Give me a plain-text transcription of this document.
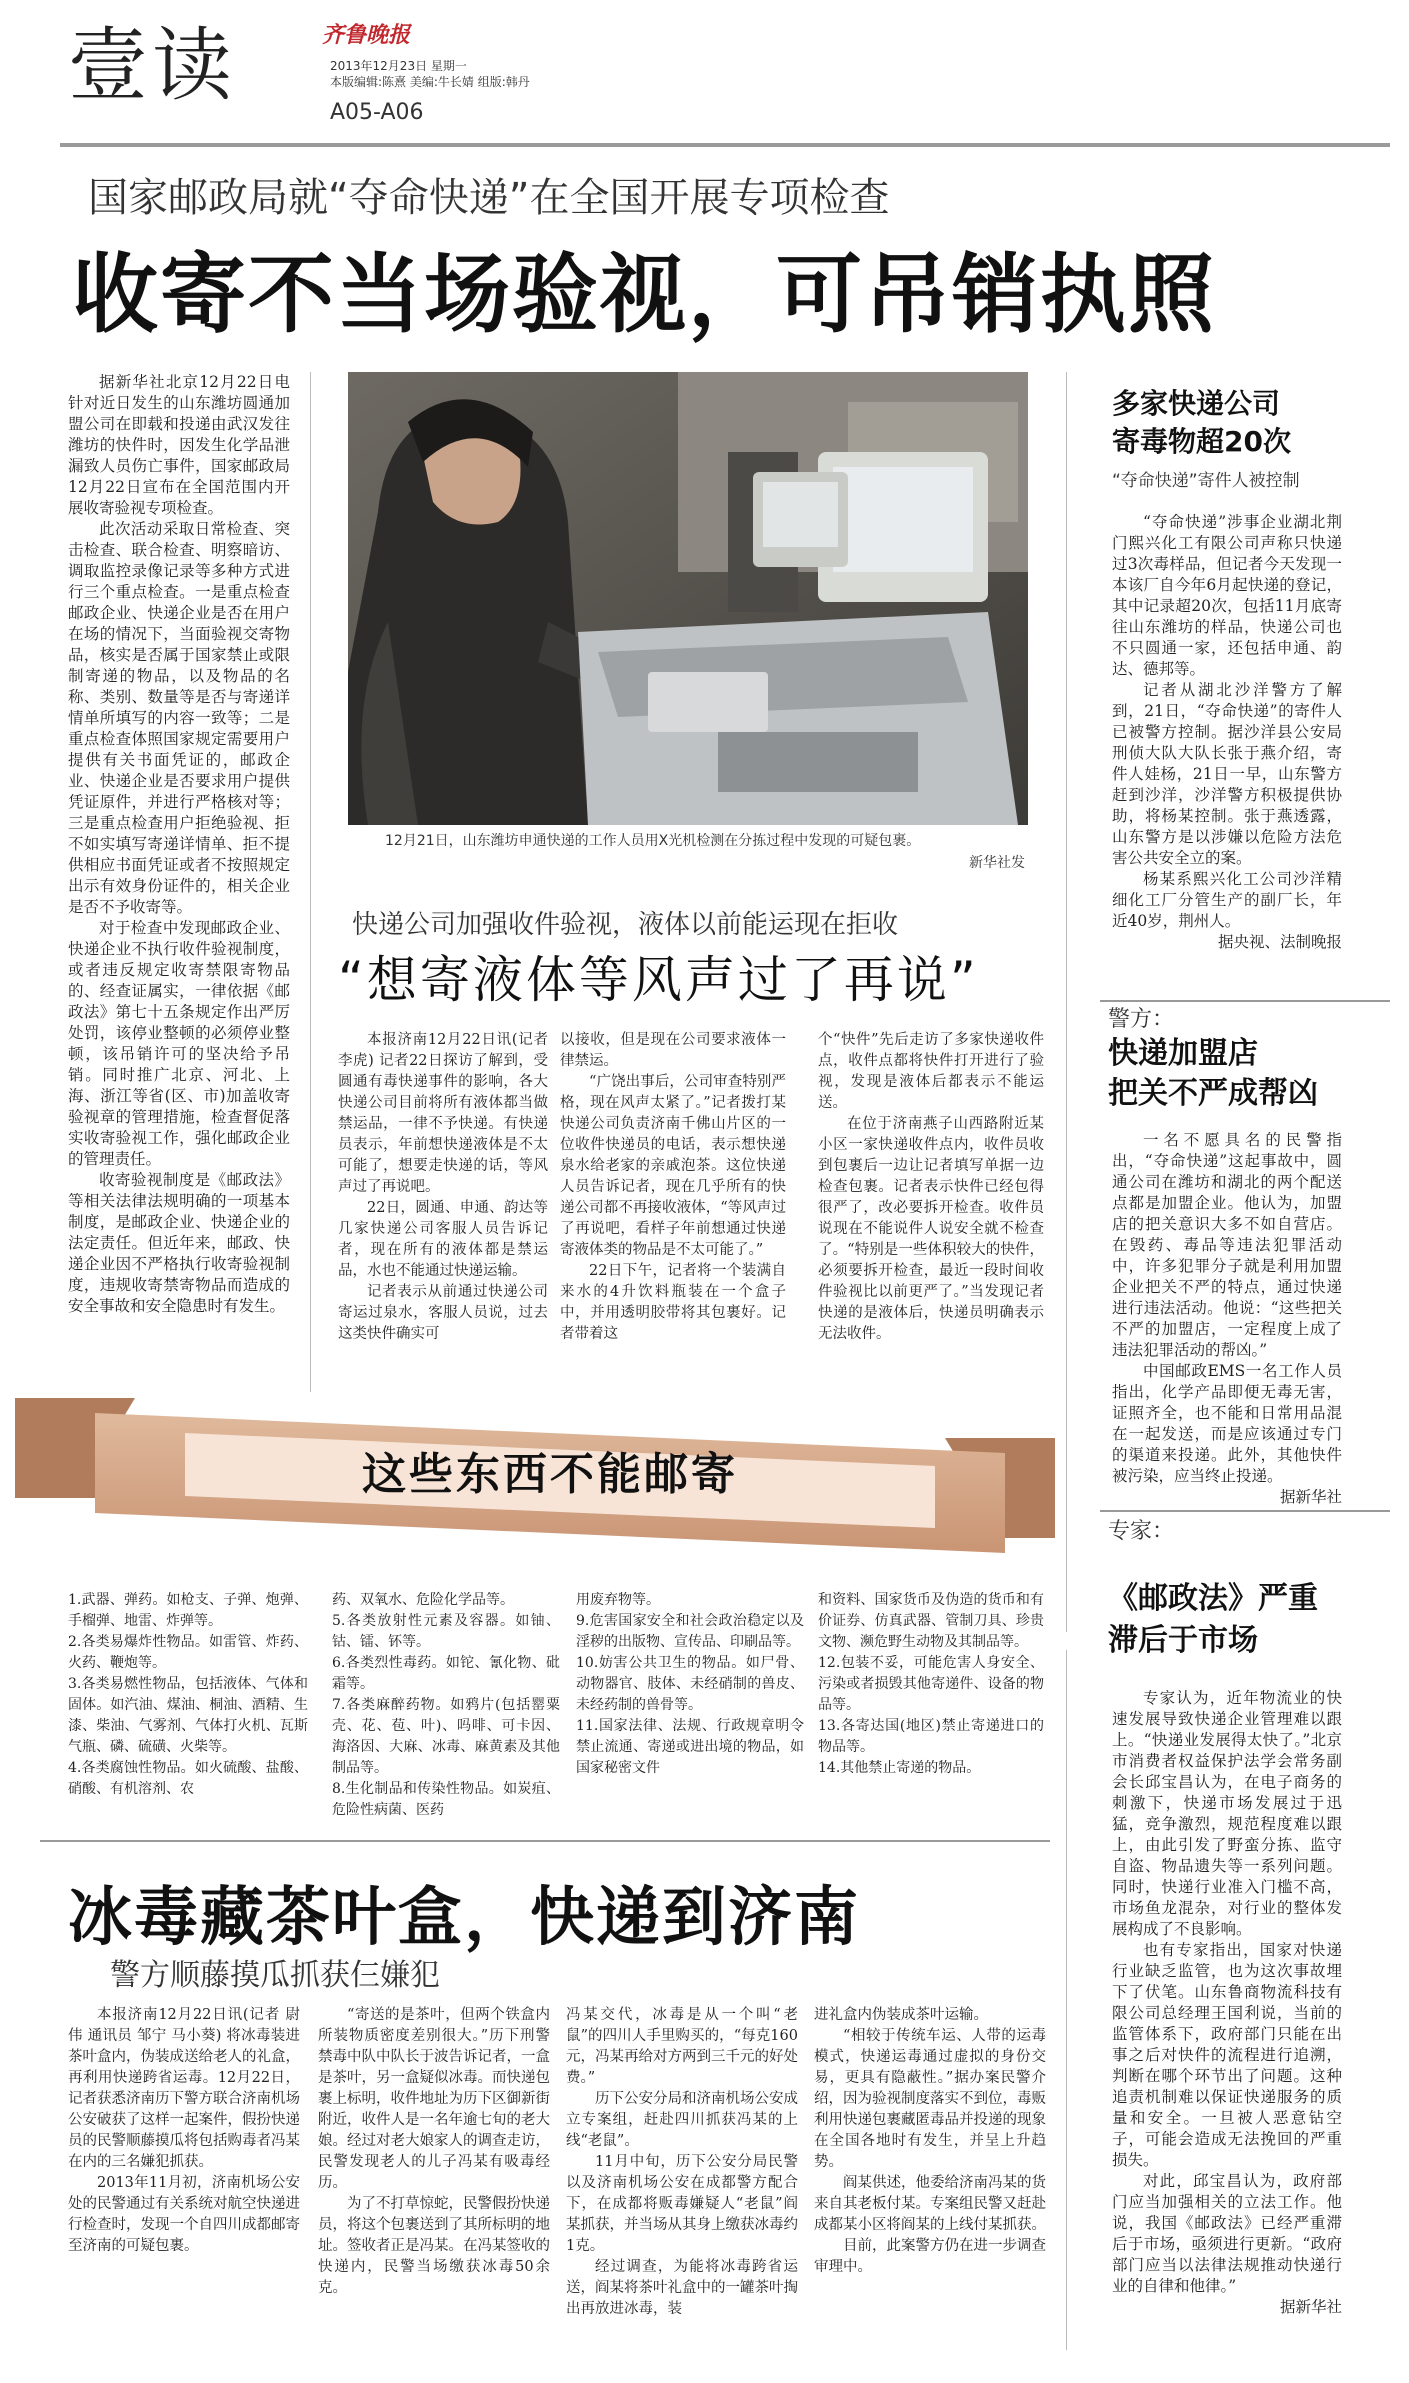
壹读	齐鲁晚报
2013年12月23日 星期一
本版编辑:陈熹 美编:牛长婧 组版:韩丹
A05-A06
国家邮政局就“夺命快递”在全国开展专项检查
收寄不当场验视，可吊销执照

据新华社北京12月22日电 针对近日发生的山东潍坊圆通加盟公司在即载和投递由武汉发往潍坊的快件时，因发生化学品泄漏致人员伤亡事件，国家邮政局12月22日宣布在全国范围内开展收寄验视专项检查。

此次活动采取日常检查、突击检查、联合检查、明察暗访、调取监控录像记录等多种方式进行三个重点检查。一是重点检查邮政企业、快递企业是否在用户在场的情况下，当面验视交寄物品，核实是否属于国家禁止或限制寄递的物品，以及物品的名称、类别、数量等是否与寄递详情单所填写的内容一致等；二是重点检查体照国家规定需要用户提供有关书面凭证的，邮政企业、快递企业是否要求用户提供凭证原件，并进行严格核对等；三是重点检查用户拒绝验视、拒不如实填写寄递详情单、拒不提供相应书面凭证或者不按照规定出示有效身份证件的，相关企业是否不予收寄等。

对于检查中发现邮政企业、快递企业不执行收件验视制度，或者违反规定收寄禁限寄物品的、经查证属实，一律依据《邮政法》第七十五条规定作出严厉处罚，该停业整顿的必须停业整顿，该吊销许可的坚决给予吊销。同时推广北京、河北、上海、浙江等省(区、市)加盖收寄验视章的管理措施，检查督促落实收寄验视工作，强化邮政企业的管理责任。

收寄验视制度是《邮政法》等相关法律法规明确的一项基本制度，是邮政企业、快递企业的法定责任。但近年来，邮政、快递企业因不严格执行收寄验视制度，违规收寄禁寄物品而造成的安全事故和安全隐患时有发生。

12月21日，山东潍坊申通快递的工作人员用X光机检测在分拣过程中发现的可疑包裹。
新华社发
多家快递公司
寄毒物超20次
“夺命快递”寄件人被控制

“夺命快递”涉事企业湖北荆门熙兴化工有限公司声称只快递过3次毒样品，但记者今天发现一本该厂自今年6月起快递的登记，其中记录超20次，包括11月底寄往山东潍坊的样品，快递公司也不只圆通一家，还包括申通、韵达、德邦等。

记者从湖北沙洋警方了解到，21日，“夺命快递”的寄件人已被警方控制。据沙洋县公安局刑侦大队大队长张于燕介绍，寄件人娃杨，21日一早，山东警方赶到沙洋，沙洋警方积极提供协助，将杨某控制。张于燕透露，山东警方是以涉嫌以危险方法危害公共安全立的案。

杨某系熙兴化工公司沙洋精细化工厂分管生产的副厂长，年近40岁，荆州人。

据央视、法制晚报
快递公司加强收件验视，液体以前能运现在拒收
“想寄液体等风声过了再说”

本报济南12月22日讯(记者 李虎) 记者22日探访了解到，受圆通有毒快递事件的影响，各大快递公司目前将所有液体都当做禁运品，一律不予快递。有快递员表示，年前想快递液体是不太可能了，想要走快递的话，等风声过了再说吧。

22日，圆通、申通、韵达等几家快递公司客服人员告诉记者，现在所有的液体都是禁运品，水也不能通过快递运输。

记者表示从前通过快递公司寄运过泉水，客服人员说，过去这类快件确实可

以接收，但是现在公司要求液体一律禁运。

“广饶出事后，公司审查特别严格，现在风声太紧了。”记者拨打某快递公司负责济南千佛山片区的一位收件快递员的电话，表示想快递泉水给老家的亲戚泡茶。这位快递人员告诉记者，现在几乎所有的快递公司都不再接收液体，“等风声过了再说吧，看样子年前想通过快递寄液体类的物品是不太可能了。”

22日下午，记者将一个装满自来水的4升饮料瓶装在一个盒子中，并用透明胶带将其包裹好。记者带着这

个“快件”先后走访了多家快递收件点，收件点都将快件打开进行了验视，发现是液体后都表示不能运送。

在位于济南燕子山西路附近某小区一家快递收件点内，收件员收到包裹后一边让记者填写单据一边检查包裹。记者表示快件已经包得很严了，改必要拆开检查。收件员说现在不能说件人说安全就不检查了。“特别是一些体积较大的快件，必须要拆开检查，最近一段时间收件验视比以前更严了。”当发现记者快递的是液体后，快递员明确表示无法收件。

警方：
快递加盟店
把关不严成帮凶

一名不愿具名的民警指出，“夺命快递”这起事故中，圆通公司在潍坊和湖北的两个配送点都是加盟企业。他认为，加盟店的把关意识大多不如自营店。在毁药、毒品等违法犯罪活动中，许多犯罪分子就是利用加盟企业把关不严的特点，通过快递进行违法活动。他说：“这些把关不严的加盟店，一定程度上成了违法犯罪活动的帮凶。”

中国邮政EMS一名工作人员指出，化学产品即便无毒无害，证照齐全，也不能和日常用品混在一起发送，而是应该通过专门的渠道来投递。此外，其他快件被污染，应当终止投递。

据新华社
这些东西不能邮寄

1.武器、弹药。如枪支、子弹、炮弹、手榴弹、地雷、炸弹等。

2.各类易爆炸性物品。如雷管、炸药、火药、鞭炮等。

3.各类易燃性物品，包括液体、气体和固体。如汽油、煤油、桐油、酒精、生漆、柴油、气雾剂、气体打火机、瓦斯气瓶、磷、硫磺、火柴等。

4.各类腐蚀性物品。如火硫酸、盐酸、硝酸、有机溶剂、农

药、双氧水、危险化学品等。

5.各类放射性元素及容器。如铀、钴、镭、钚等。

6.各类烈性毒药。如铊、氰化物、砒霜等。

7.各类麻醉药物。如鸦片(包括罂粟壳、花、苞、叶)、吗啡、可卡因、海洛因、大麻、冰毒、麻黄素及其他制品等。

8.生化制品和传染性物品。如炭疽、危险性病菌、医药

用废弃物等。

9.危害国家安全和社会政治稳定以及淫秽的出版物、宣传品、印刷品等。

10.妨害公共卫生的物品。如尸骨、动物器官、肢体、未经硝制的兽皮、未经药制的兽骨等。

11.国家法律、法规、行政规章明令禁止流通、寄递或进出境的物品，如国家秘密文件

和资料、国家货币及伪造的货币和有价证券、仿真武器、管制刀具、珍贵文物、濒危野生动物及其制品等。

12.包装不妥，可能危害人身安全、污染或者损毁其他寄递件、设备的物品等。

13.各寄达国(地区)禁止寄递进口的物品等。

14.其他禁止寄递的物品。

专家：
《邮政法》严重
滞后于市场

专家认为，近年物流业的快速发展导致快递企业管理难以跟上。“快递业发展得太快了。”北京市消费者权益保护法学会常务副会长邱宝昌认为，在电子商务的刺激下，快递市场发展过于迅猛，竞争激烈，规范程度难以跟上，由此引发了野蛮分拣、监守自盗、物品遗失等一系列问题。同时，快递行业准入门槛不高，市场鱼龙混杂，对行业的整体发展构成了不良影响。

也有专家指出，国家对快递行业缺乏监管，也为这次事故埋下了伏笔。山东鲁商物流科技有限公司总经理王国利说，当前的监管体系下，政府部门只能在出事之后对快件的流程进行追溯，判断在哪个环节出了问题。这种追责机制难以保证快递服务的质量和安全。一旦被人恶意钻空子，可能会造成无法挽回的严重损失。

对此，邱宝昌认为，政府部门应当加强相关的立法工作。他说，我国《邮政法》已经严重滞后于市场，亟须进行更新。“政府部门应当以法律法规推动快递行业的自律和他律。”

据新华社
冰毒藏茶叶盒，快递到济南
警方顺藤摸瓜抓获仨嫌犯

本报济南12月22日讯(记者 尉伟 通讯员 邹宁 马小葵) 将冰毒装进茶叶盒内，伪装成送给老人的礼盒，再利用快递跨省运毒。12月22日，记者获悉济南历下警方联合济南机场公安破获了这样一起案件，假扮快递员的民警顺藤摸瓜将包括购毒者冯某在内的三名嫌犯抓获。

2013年11月初，济南机场公安处的民警通过有关系统对航空快递进行检查时，发现一个自四川成都邮寄至济南的可疑包裹。

“寄送的是茶叶，但两个铁盒内所装物质密度差别很大。”历下刑警禁毒中队中队长于波告诉记者，一盒是茶叶，另一盒疑似冰毒。而快递包裹上标明，收件地址为历下区御新街附近，收件人是一名年逾七旬的老大娘。经过对老大娘家人的调查走访，民警发现老人的儿子冯某有吸毒经历。

为了不打草惊蛇，民警假扮快递员，将这个包裹送到了其所标明的地址。签收者正是冯某。在冯某签收的快递内，民警当场缴获冰毒50余克。

冯某交代，冰毒是从一个叫“老鼠”的四川人手里购买的，“每克160元，冯某再给对方两到三千元的好处费。”

历下公安分局和济南机场公安成立专案组，赶赴四川抓获冯某的上线“老鼠”。

11月中旬，历下公安分局民警以及济南机场公安在成都警方配合下，在成都将贩毒嫌疑人“老鼠”阎某抓获，并当场从其身上缴获冰毒约1克。

经过调查，为能将冰毒跨省运送，阎某将茶叶礼盒中的一罐茶叶掏出再放进冰毒，装

进礼盒内伪装成茶叶运输。

“相较于传统车运、人带的运毒模式，快递运毒通过虚拟的身份交易，更具有隐蔽性。”据办案民警介绍，因为验视制度落实不到位，毒贩利用快递包裹藏匿毒品并投递的现象在全国各地时有发生，并呈上升趋势。

阎某供述，他委给济南冯某的货来自其老板付某。专案组民警又赶赴成都某小区将阎某的上线付某抓获。

目前，此案警方仍在进一步调查审理中。
